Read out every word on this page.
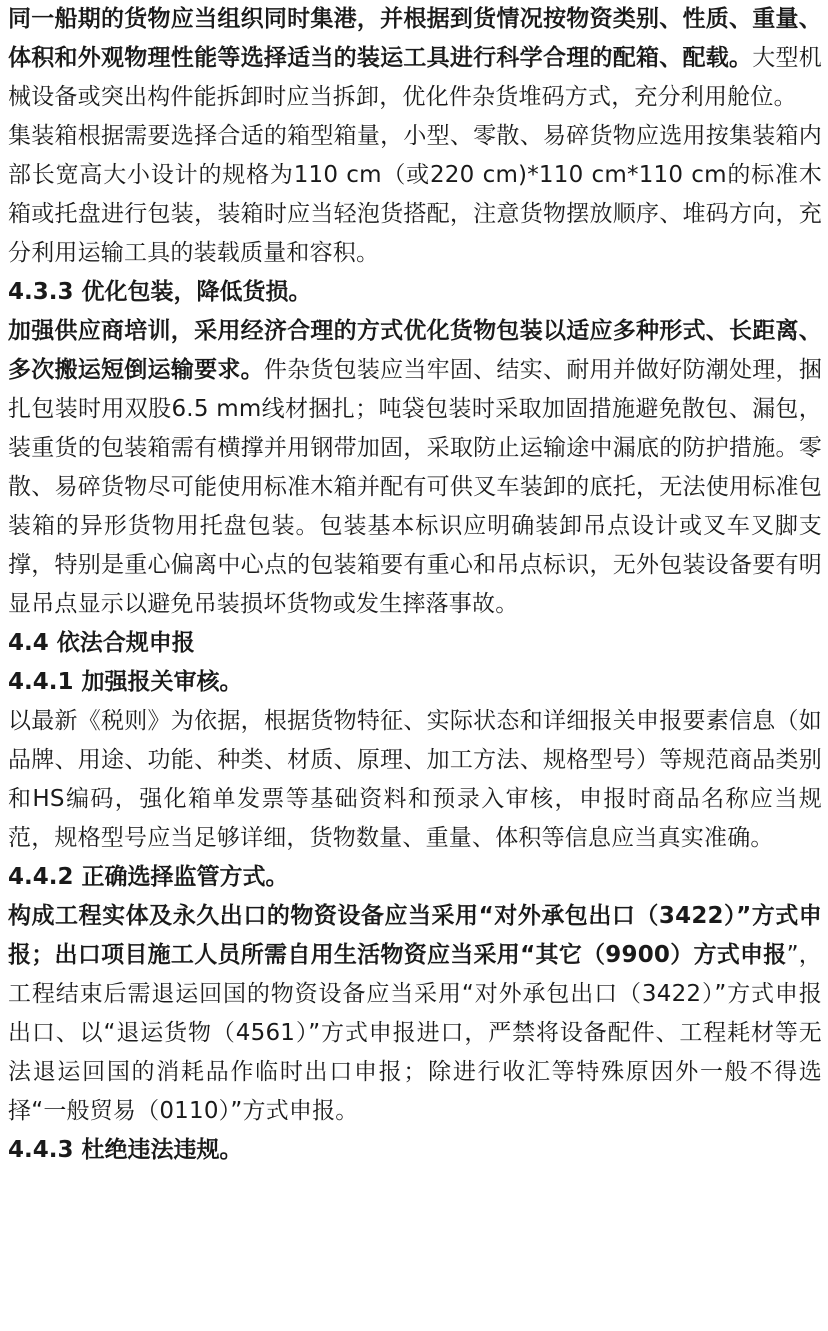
同一船期的货物应当组织同时集港，并根据到货情况按物资类别、性质、重量、体积和外观物理性能等选择适当的装运工具进行科学合理的配箱、配载。大型机械设备或突出构件能拆卸时应当拆卸，优化件杂货堆码方式，充分利用舱位。

集装箱根据需要选择合适的箱型箱量，小型、零散、易碎货物应选用按集装箱内部长宽高大小设计的规格为110 cm（或220 cm)*110 cm*110 cm的标准木箱或托盘进行包装，装箱时应当轻泡货搭配，注意货物摆放顺序、堆码方向，充分利用运输工具的装载质量和容积。

4.3.3 优化包装，降低货损。

加强供应商培训，采用经济合理的方式优化货物包装以适应多种形式、长距离、多次搬运短倒运输要求。件杂货包装应当牢固、结实、耐用并做好防潮处理，捆扎包装时用双股6.5 mm线材捆扎；吨袋包装时采取加固措施避免散包、漏包，装重货的包装箱需有横撑并用钢带加固，采取防止运输途中漏底的防护措施。零散、易碎货物尽可能使用标准木箱并配有可供叉车装卸的底托，无法使用标准包装箱的异形货物用托盘包装。包装基本标识应明确装卸吊点设计或叉车叉脚支撑，特别是重心偏离中心点的包装箱要有重心和吊点标识，无外包装设备要有明显吊点显示以避免吊装损坏货物或发生摔落事故。

4.4 依法合规申报

4.4.1 加强报关审核。

以最新《税则》为依据，根据货物特征、实际状态和详细报关申报要素信息（如品牌、用途、功能、种类、材质、原理、加工方法、规格型号）等规范商品类别和HS编码，强化箱单发票等基础资料和预录入审核，申报时商品名称应当规范，规格型号应当足够详细，货物数量、重量、体积等信息应当真实准确。

4.4.2 正确选择监管方式。

构成工程实体及永久出口的物资设备应当采用“对外承包出口（3422）”方式申报；出口项目施工人员所需自用生活物资应当采用“其它（9900）方式申报”，工程结束后需退运回国的物资设备应当采用“对外承包出口（3422）”方式申报出口、以“退运货物（4561）”方式申报进口，严禁将设备配件、工程耗材等无法退运回国的消耗品作临时出口申报；除进行收汇等特殊原因外一般不得选择“一般贸易（0110）”方式申报。

4.4.3 杜绝违法违规。
